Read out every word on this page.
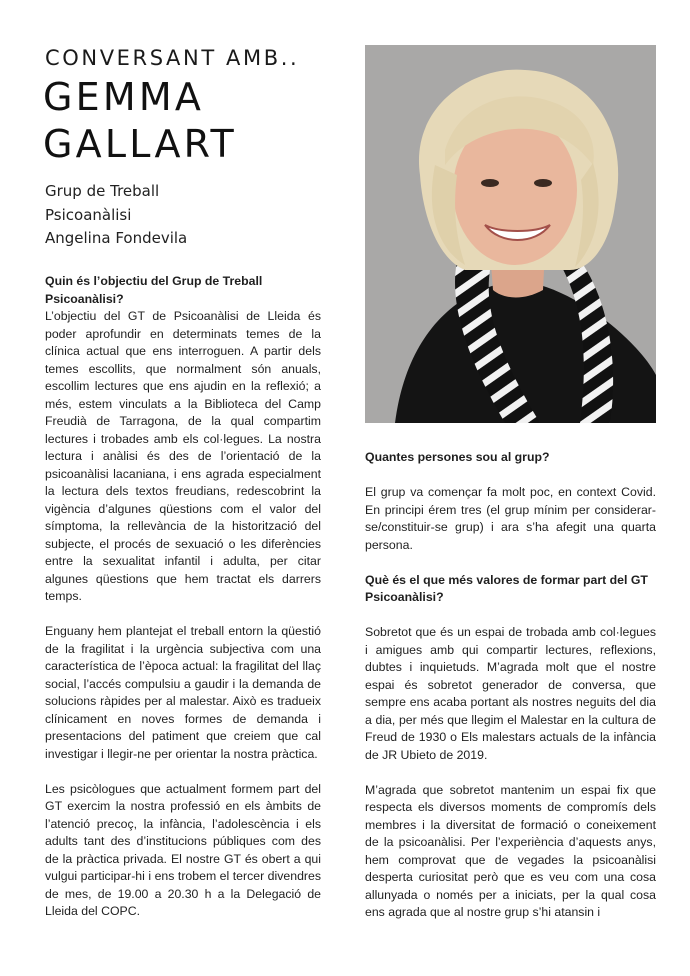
CONVERSANT AMB..
GEMMA
GALLART
Grup de Treball
Psicoanàlisi
Angelina Fondevila

Quin és l’objectiu del Grup de Treball Psicoanàlisi?

L’objectiu del GT de Psicoanàlisi de Lleida és poder aprofundir en determinats temes de la clínica actual que ens interroguen. A partir dels temes escollits, que normalment són anuals, escollim lectures que ens ajudin en la reflexió; a més, estem vinculats a la Biblioteca del Camp Freudià de Tarragona, de la qual compartim lectures i trobades amb els col·legues. La nostra lectura i anàlisi és des de l’orientació de la psicoanàlisi lacaniana, i ens agrada especialment la lectura dels textos freudians, redescobrint la vigència d’algunes qüestions com el valor del símptoma, la rellevància de la historització del subjecte, el procés de sexuació o les diferències entre la sexualitat infantil i adulta, per citar algunes qüestions que hem tractat els darrers temps.

Enguany hem plantejat el treball entorn la qüestió de la fragilitat i la urgència subjectiva com una característica de l’època actual: la fragilitat del llaç social, l’accés compulsiu a gaudir i la demanda de solucions ràpides per al malestar. Això es tradueix clínicament en noves formes de demanda i presentacions del patiment que creiem que cal investigar i llegir-ne per orientar la nostra pràctica.

Les psicòlogues que actualment formem part del GT exercim la nostra professió en els àmbits de l’atenció precoç, la infància, l’adolescència i els adults tant des d’institucions públiques com des de la pràctica privada. El nostre GT és obert a qui vulgui participar-hi i ens trobem el tercer divendres de mes, de 19.00 a 20.30 h a la Delegació de Lleida del COPC.

Quantes persones sou al grup?

El grup va començar fa molt poc, en context Covid. En principi érem tres (el grup mínim per considerar-se/constituir-se grup) i ara s’ha afegit una quarta persona.

Què és el que més valores de formar part del GT Psicoanàlisi?

Sobretot que és un espai de trobada amb col·legues i amigues amb qui compartir lectures, reflexions, dubtes i inquietuds. M’agrada molt que el nostre espai és sobretot generador de conversa, que sempre ens acaba portant als nostres neguits del dia a dia, per més que llegim el Malestar en la cultura de Freud de 1930 o Els malestars actuals de la infància de JR Ubieto de 2019.

M’agrada que sobretot mantenim un espai fix que respecta els diversos moments de compromís dels membres i la diversitat de formació o coneixement de la psicoanàlisi. Per l’experiència d’aquests anys, hem comprovat que de vegades la psicoanàlisi desperta curiositat però que es veu com una cosa allunyada o només per a iniciats, per la qual cosa ens agrada que al nostre grup s’hi atansin i
